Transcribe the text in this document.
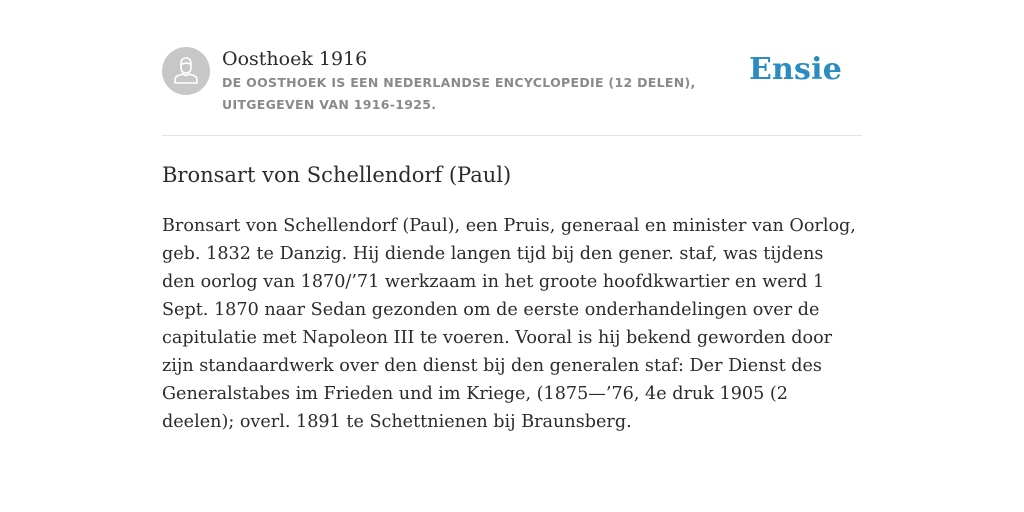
Oosthoek 1916
DE OOSTHOEK IS EEN NEDERLANDSE ENCYCLOPEDIE (12 DELEN), UITGEGEVEN VAN 1916-1925.
Ensie
Bronsart von Schellendorf (Paul)

Bronsart von Schellendorf (Paul), een Pruis, generaal en minister van Oorlog, geb. 1832 te Danzig. Hij diende langen tijd bij den gener. staf, was tijdens den oorlog van 1870/’71 werkzaam in het groote hoofdkwartier en werd 1 Sept. 1870 naar Sedan gezonden om de eerste onderhandelingen over de capitulatie met Napoleon III te voeren. Vooral is hij bekend geworden door zijn standaardwerk over den dienst bij den generalen staf: Der Dienst des Generalstabes im Frieden und im Kriege, (1875—’76, 4e druk 1905 (2 deelen); overl. 1891 te Schettnienen bij Braunsberg.
